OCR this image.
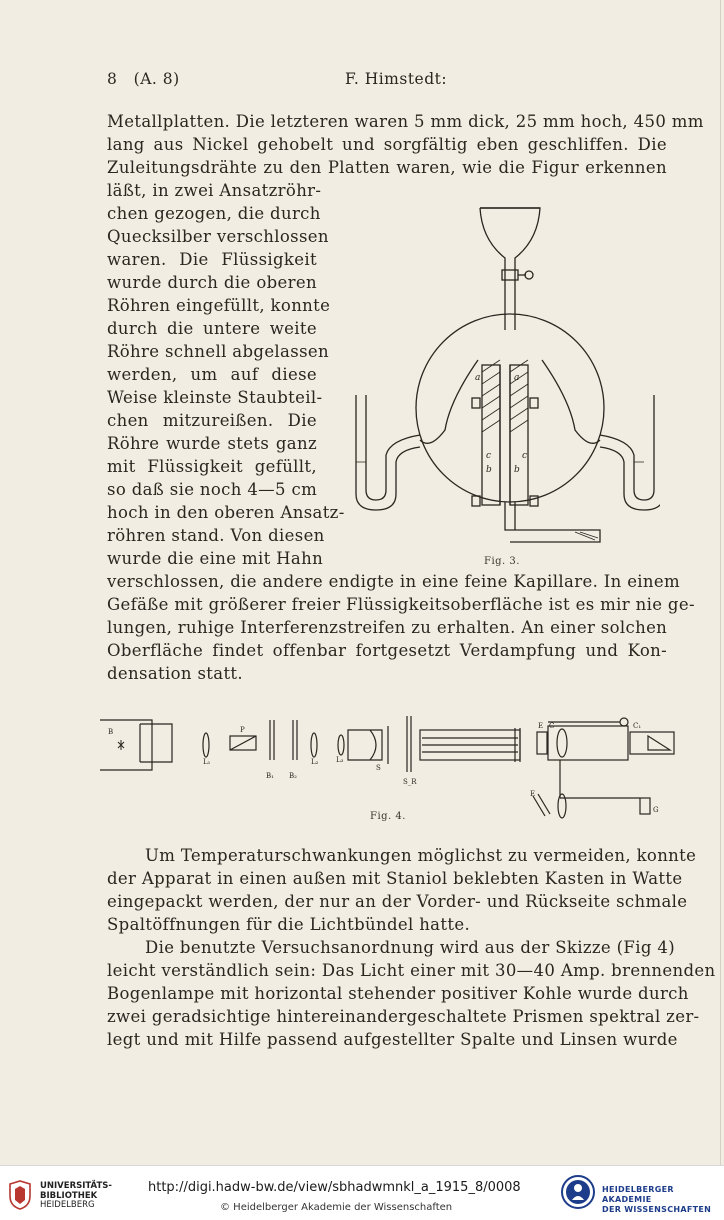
8 (A. 8)	F. Himstedt:
Metallplatten. Die letzteren waren 5 mm dick, 25 mm hoch, 450 mm
lang aus Nickel gehobelt und sorgfältig eben geschliffen. Die
Zuleitungsdrähte zu den Platten waren, wie die Figur erkennen
läßt, in zwei Ansatzröhr-
chen gezogen, die durch
Quecksilber verschlossen
waren. Die Flüssigkeit
wurde durch die oberen
Röhren eingefüllt, konnte
durch die untere weite
Röhre schnell abgelassen
werden, um auf diese
Weise kleinste Staubteil-
chen mitzureißen. Die
Röhre wurde stets ganz
mit Flüssigkeit gefüllt,
so daß sie noch 4—5 cm
hoch in den oberen Ansatz-
röhren stand. Von diesen
wurde die eine mit Hahn
a	a
c	c
b b
Fig. 3.
verschlossen, die andere endigte in eine feine Kapillare. In einem
Gefäße mit größerer freier Flüssigkeitsoberfläche ist es mir nie ge-
lungen, ruhige Interferenzstreifen zu erhalten. An einer solchen
Oberfläche findet offenbar fortgesetzt Verdampfung und Kon-
densation statt.
B	P
L₁
B₁ B₂
L₂	L₃
S
S_R
E	C₁
G
E
C
Fig. 4.
Um Temperaturschwankungen möglichst zu vermeiden, konnte
der Apparat in einen außen mit Staniol beklebten Kasten in Watte
eingepackt werden, der nur an der Vorder- und Rückseite schmale
Spaltöffnungen für die Lichtbündel hatte.
Die benutzte Versuchsanordnung wird aus der Skizze (Fig 4)
leicht verständlich sein: Das Licht einer mit 30—40 Amp. brennenden
Bogenlampe mit horizontal stehender positiver Kohle wurde durch
zwei geradsichtige hintereinandergeschaltete Prismen spektral zer-
legt und mit Hilfe passend aufgestellter Spalte und Linsen wurde
UNIVERSITÄTS-
BIBLIOTHEK
HEIDELBERG
http://digi.hadw-bw.de/view/sbhadwmnkl_a_1915_8/0008
© Heidelberger Akademie der Wissenschaften
HEIDELBERGER AKADEMIE
DER WISSENSCHAFTEN
